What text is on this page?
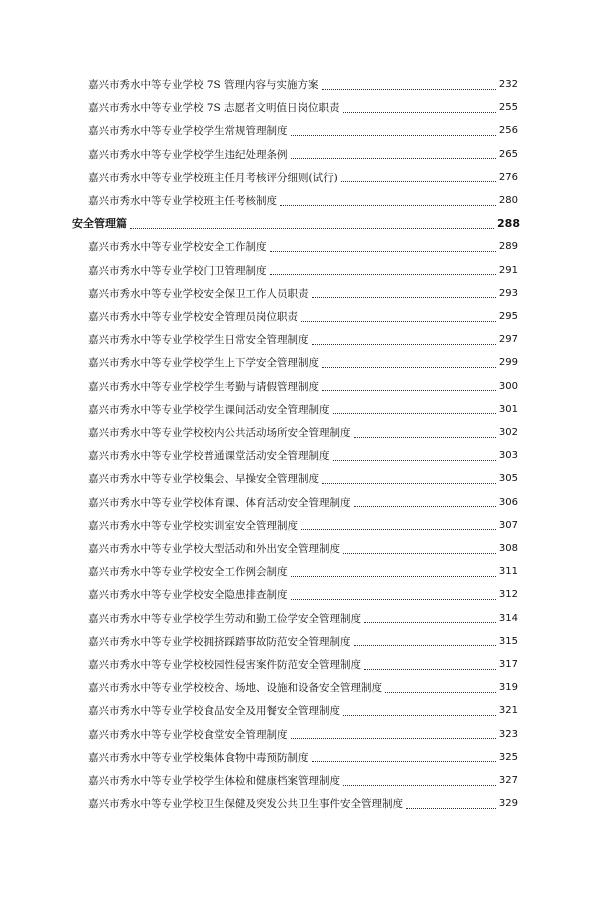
嘉兴市秀水中等专业学校 7S 管理内容与实施方案	232
嘉兴市秀水中等专业学校 7S 志愿者文明值日岗位职责	255
嘉兴市秀水中等专业学校学生常规管理制度	256
嘉兴市秀水中等专业学校学生违纪处理条例	265
嘉兴市秀水中等专业学校班主任月考核评分细则(试行)	276
嘉兴市秀水中等专业学校班主任考核制度	280
安全管理篇	288
嘉兴市秀水中等专业学校安全工作制度	289
嘉兴市秀水中等专业学校门卫管理制度	291
嘉兴市秀水中等专业学校安全保卫工作人员职责	293
嘉兴市秀水中等专业学校安全管理员岗位职责	295
嘉兴市秀水中等专业学校学生日常安全管理制度	297
嘉兴市秀水中等专业学校学生上下学安全管理制度	299
嘉兴市秀水中等专业学校学生考勤与请假管理制度	300
嘉兴市秀水中等专业学校学生课间活动安全管理制度	301
嘉兴市秀水中等专业学校校内公共活动场所安全管理制度	302
嘉兴市秀水中等专业学校普通课堂活动安全管理制度	303
嘉兴市秀水中等专业学校集会、早操安全管理制度	305
嘉兴市秀水中等专业学校体育课、体育活动安全管理制度	306
嘉兴市秀水中等专业学校实训室安全管理制度	307
嘉兴市秀水中等专业学校大型活动和外出安全管理制度	308
嘉兴市秀水中等专业学校安全工作例会制度	311
嘉兴市秀水中等专业学校安全隐患排查制度	312
嘉兴市秀水中等专业学校学生劳动和勤工俭学安全管理制度	314
嘉兴市秀水中等专业学校拥挤踩踏事故防范安全管理制度	315
嘉兴市秀水中等专业学校校园性侵害案件防范安全管理制度	317
嘉兴市秀水中等专业学校校舍、场地、设施和设备安全管理制度	319
嘉兴市秀水中等专业学校食品安全及用餐安全管理制度	321
嘉兴市秀水中等专业学校食堂安全管理制度	323
嘉兴市秀水中等专业学校集体食物中毒预防制度	325
嘉兴市秀水中等专业学校学生体检和健康档案管理制度	327
嘉兴市秀水中等专业学校卫生保健及突发公共卫生事件安全管理制度	329
